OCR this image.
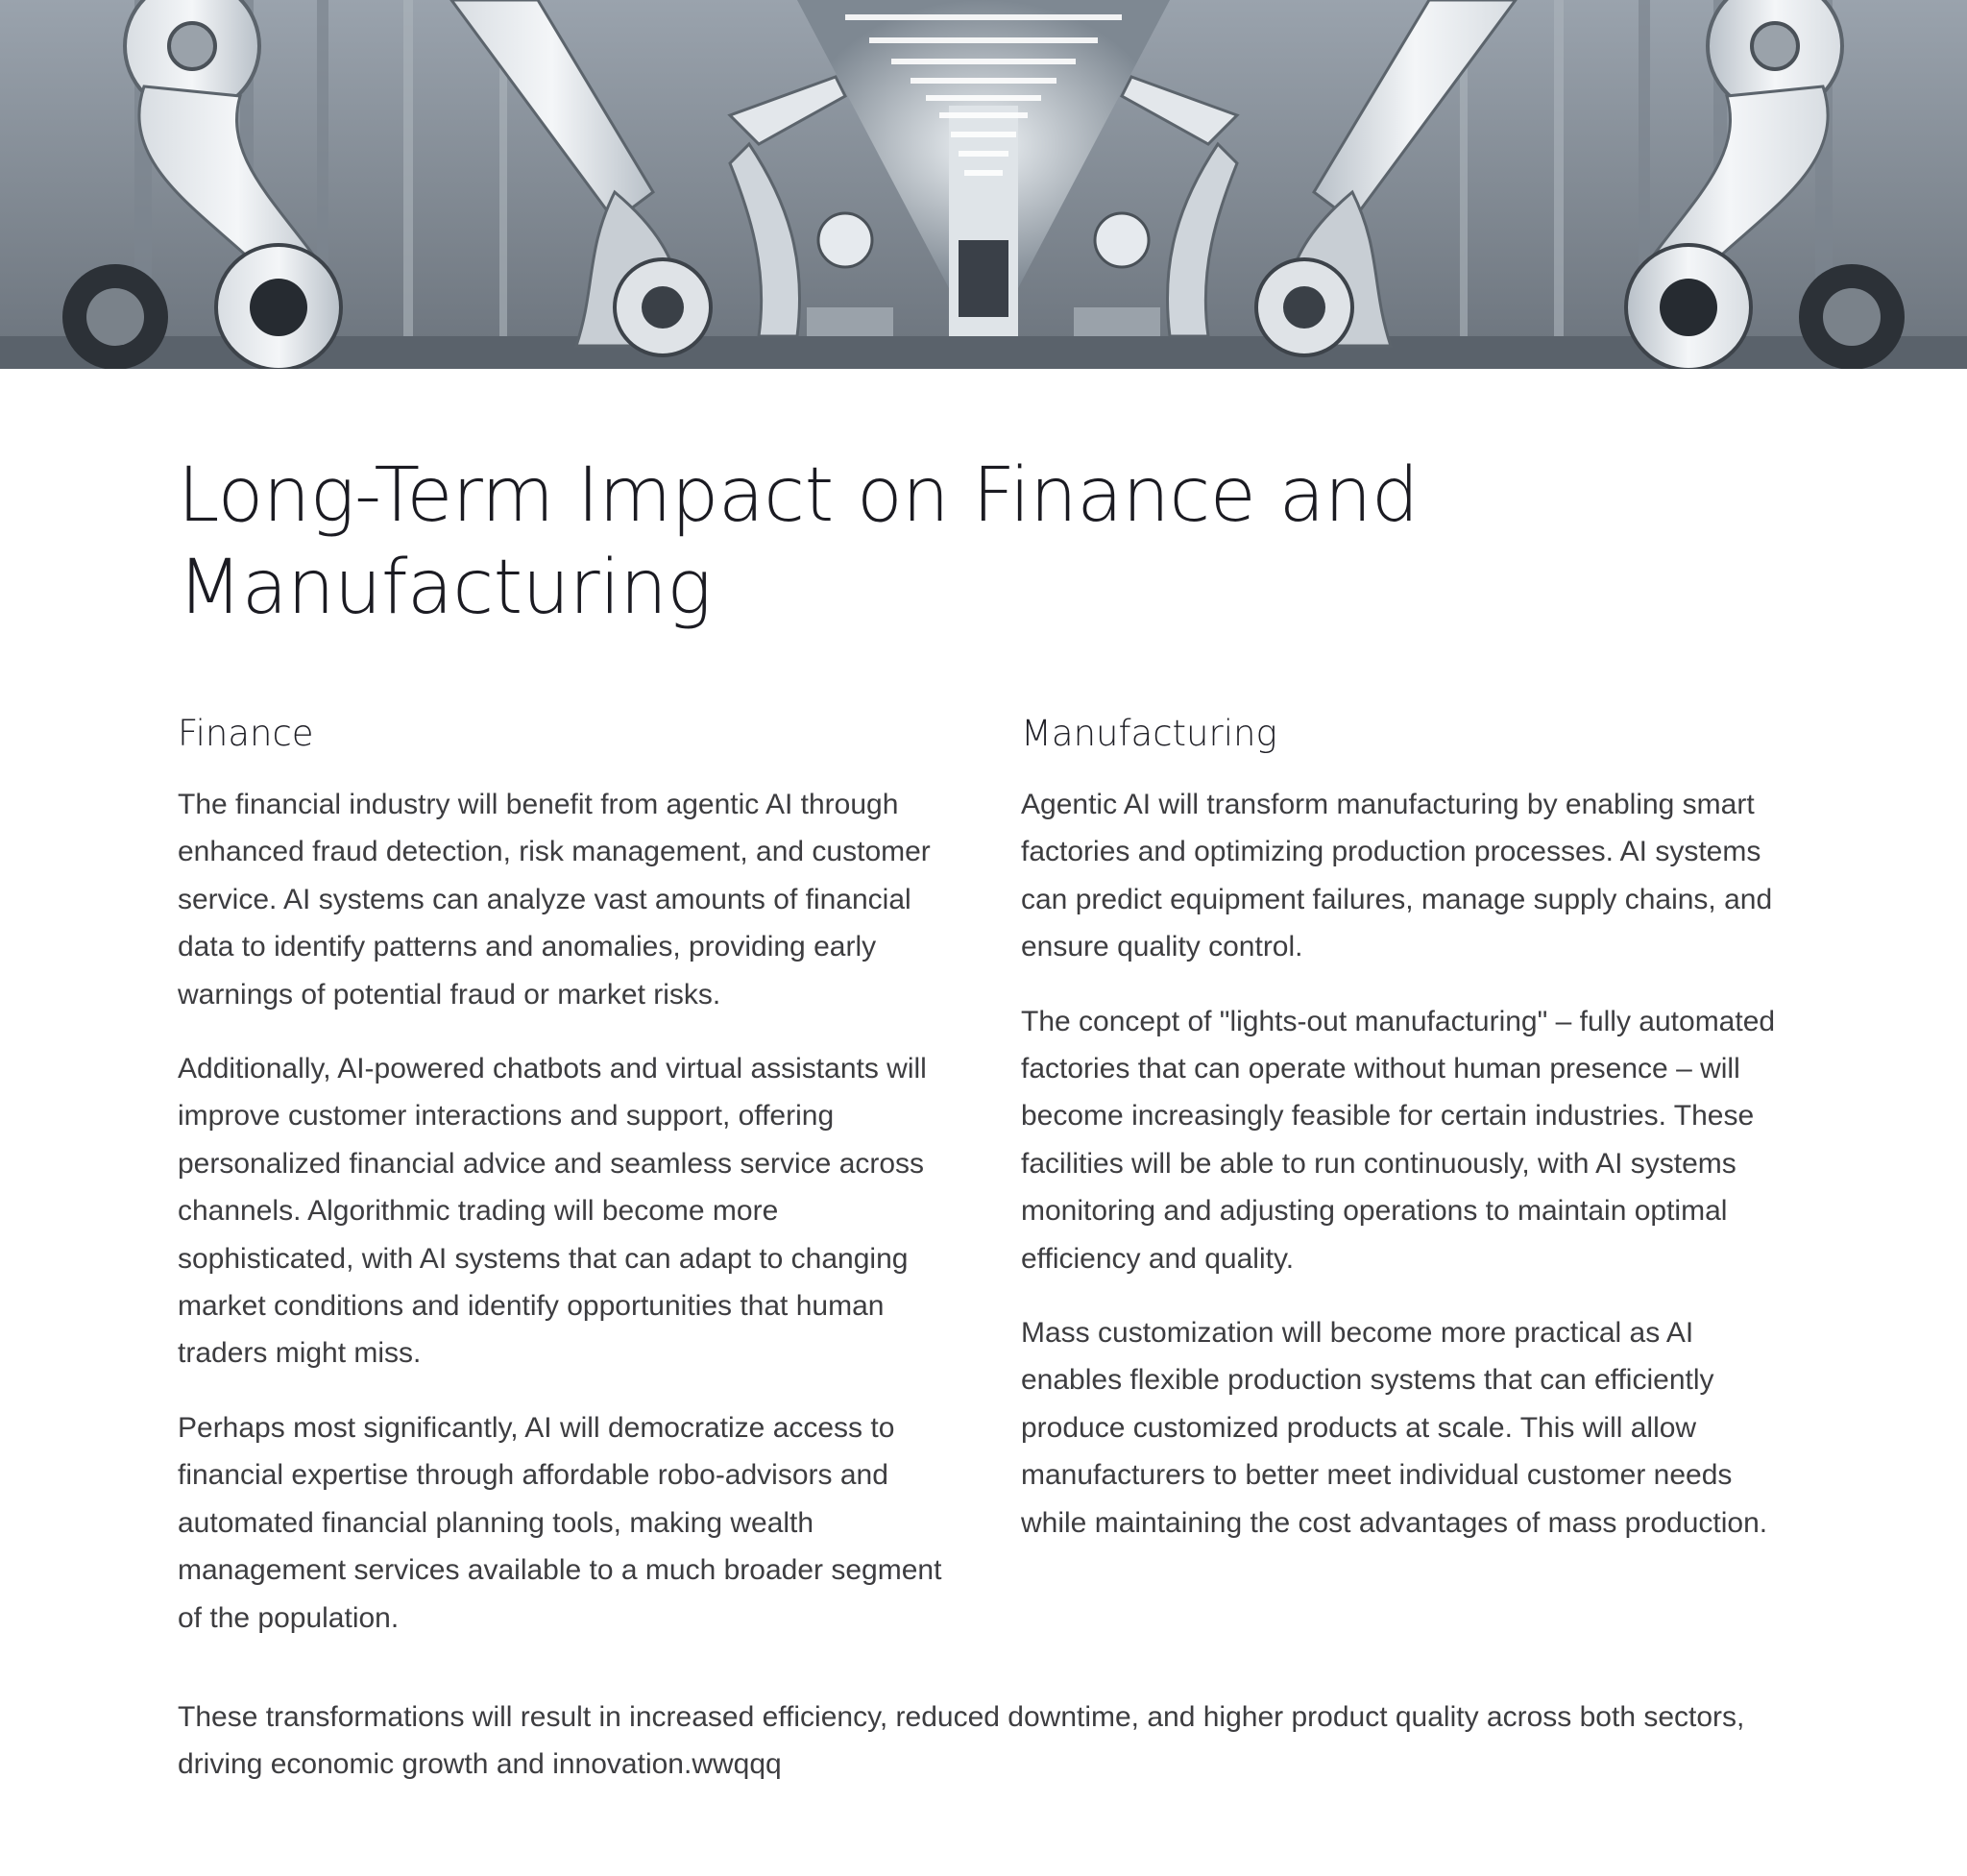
Long-Term Impact on Finance and Manufacturing
Finance

The financial industry will benefit from agentic AI through enhanced fraud detection, risk management, and customer service. AI systems can analyze vast amounts of financial data to identify patterns and anomalies, providing early warnings of potential fraud or market risks.

Additionally, AI-powered chatbots and virtual assistants will improve customer interactions and support, offering personalized financial advice and seamless service across channels. Algorithmic trading will become more sophisticated, with AI systems that can adapt to changing market conditions and identify opportunities that human traders might miss.

Perhaps most significantly, AI will democratize access to financial expertise through affordable robo-advisors and automated financial planning tools, making wealth management services available to a much broader segment of the population.

Manufacturing

Agentic AI will transform manufacturing by enabling smart factories and optimizing production processes. AI systems can predict equipment failures, manage supply chains, and ensure quality control.

The concept of "lights-out manufacturing" – fully automated factories that can operate without human presence – will become increasingly feasible for certain industries. These facilities will be able to run continuously, with AI systems monitoring and adjusting operations to maintain optimal efficiency and quality.

Mass customization will become more practical as AI enables flexible production systems that can efficiently produce customized products at scale. This will allow manufacturers to better meet individual customer needs while maintaining the cost advantages of mass production.

These transformations will result in increased efficiency, reduced downtime, and higher product quality across both sectors, driving economic growth and innovation.wwqqq
